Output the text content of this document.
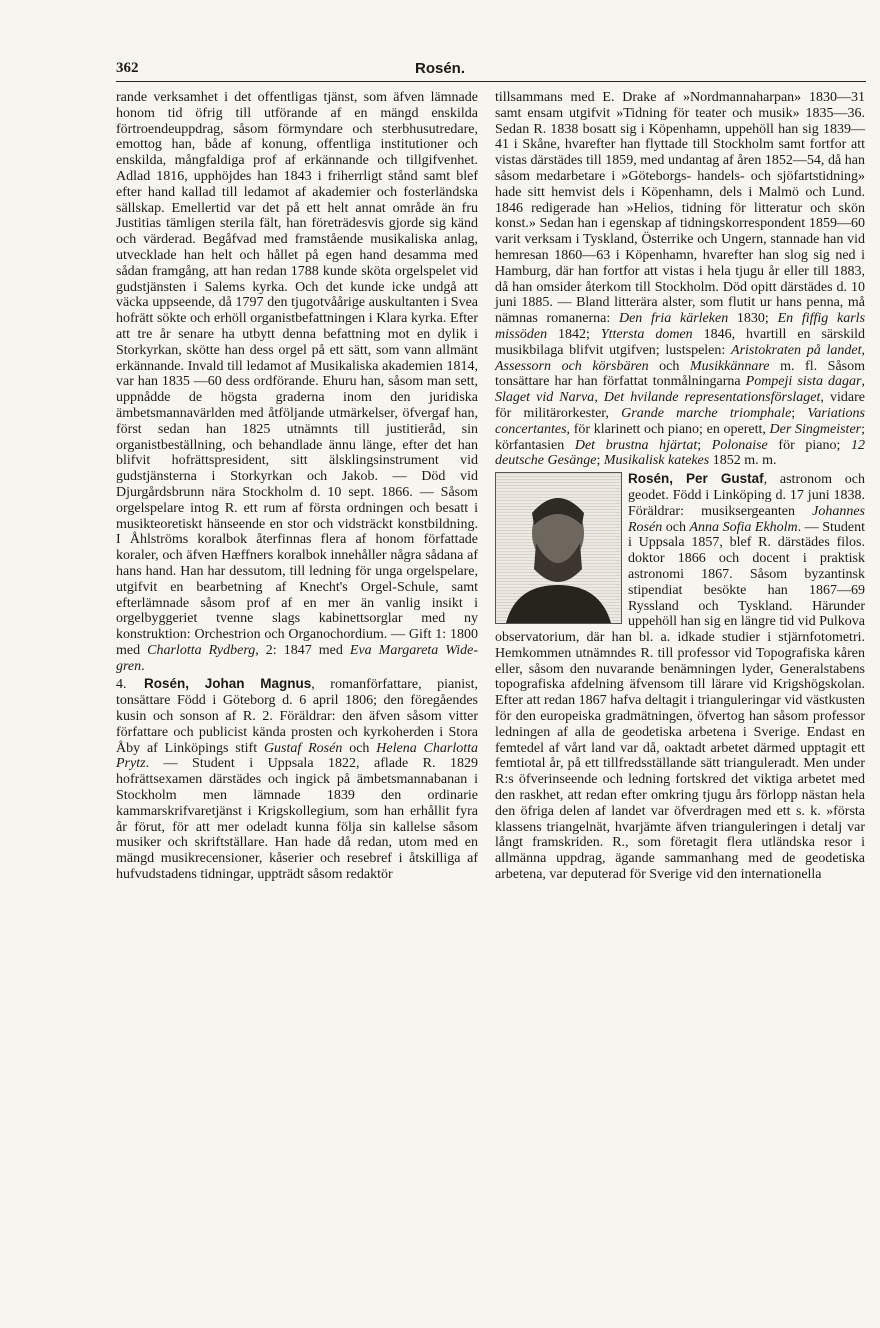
362	Rosén.

rande verksamhet i det offentligas tjänst, som äfven lämnade honom tid öfrig till utförande af en mängd enskilda förtroendeuppdrag, såsom förmyndare och sterbhusutredare, emottog han, både af konung, offentliga institutioner och enskilda, mångfaldiga prof af erkännande och tillgifvenhet. Adlad 1816, upphöjdes han 1843 i friherrligt stånd samt blef efter hand kallad till ledamot af akademier och fosterländska sällskap. Emellertid var det på ett helt annat område än fru Justitias tämligen sterila fält, han företrädesvis gjorde sig känd och värderad. Begåfvad med framstående musikaliska anlag, utvecklade han helt och hållet på egen hand desamma med sådan framgång, att han redan 1788 kunde sköta orgelspelet vid gudstjänsten i Salems kyrka. Och det kunde icke undgå att väcka uppseende, då 1797 den tjugotvåårige auskultanten i Svea hofrätt sökte och erhöll organistbefattningen i Klara kyrka. Efter att tre år senare ha utbytt denna befattning mot en dylik i Storkyrkan, skötte han dess orgel på ett sätt, som vann allmänt erkännande. Invald till ledamot af Musikaliska akademien 1814, var han 1835 —60 dess ordförande. Ehuru han, såsom man sett, uppnådde de högsta graderna inom den juridiska ämbetsmannavärlden med åtföljande utmärkelser, öfvergaf han, först sedan han 1825 utnämnts till justitieråd, sin organistbeställning, och behandlade ännu länge, efter det han blifvit hofrättspresident, sitt älsklingsinstrument vid gudstjänsterna i Storkyrkan och Jakob. — Död vid Djurgårdsbrunn nära Stockholm d. 10 sept. 1866. — Såsom orgelspelare intog R. ett rum af första ordningen och besatt i musikteoretiskt hänseende en stor och vidsträckt konstbildning. I Åhlströms koralbok återfinnas flera af honom författade koraler, och äfven Hæffners koralbok innehåller några sådana af hans hand. Han har dessutom, till ledning för unga orgelspelare, utgifvit en bearbetning af Knecht's Orgel-Schule, samt efterlämnade såsom prof af en mer än vanlig insikt i orgelbyggeriet tvenne slags kabinettsorglar med ny konstruktion: Orchestrion och Organochordium. — Gift 1: 1800 med Charlotta Rydberg, 2: 1847 med Eva Margareta Wide-gren.

4. Rosén, Johan Magnus, romanförfattare, pianist, tonsättare Född i Göteborg d. 6 april 1806; den föregåendes kusin och sonson af R. 2. Föräldrar: den äfven såsom vitter författare och publicist kända prosten och kyrkoherden i Stora Åby af Linköpings stift Gustaf Rosén och Helena Charlotta Prytz. — Student i Uppsala 1822, aflade R. 1829 hofrättsexamen därstädes och ingick på ämbetsmannabanan i Stockholm men lämnade 1839 den ordinarie kammarskrifvaretjänst i Krigskollegium, som han erhållit fyra år förut, för att mer odeladt kunna följa sin kallelse såsom musiker och skriftställare. Han hade då redan, utom med en mängd musikrecensioner, kåserier och resebref i åtskilliga af hufvudstadens tidningar, uppträdt såsom redaktör

tillsammans med E. Drake af »Nordmannaharpan» 1830—31 samt ensam utgifvit »Tidning för teater och musik» 1835—36. Sedan R. 1838 bosatt sig i Köpenhamn, uppehöll han sig 1839—41 i Skåne, hvarefter han flyttade till Stockholm samt fortfor att vistas därstädes till 1859, med undantag af åren 1852—54, då han såsom medarbetare i »Göteborgs- handels- och sjöfartstidning» hade sitt hemvist dels i Köpenhamn, dels i Malmö och Lund. 1846 redigerade han »Helios, tidning för litteratur och skön konst.» Sedan han i egenskap af tidningskorrespondent 1859—60 varit verksam i Tyskland, Österrike och Ungern, stannade han vid hemresan 1860—63 i Köpenhamn, hvarefter han slog sig ned i Hamburg, där han fortfor att vistas i hela tjugu år eller till 1883, då han omsider återkom till Stockholm. Död opitt därstädes d. 10 juni 1885. — Bland litterära alster, som flutit ur hans penna, må nämnas romanerna: Den fria kärleken 1830; En fiffig karls missöden 1842; Yttersta domen 1846, hvartill en särskild musikbilaga blifvit utgifven; lustspelen: Aristokraten på landet, Assessorn och körsbären och Musikkännare m. fl. Såsom tonsättare har han författat tonmålningarna Pompeji sista dagar, Slaget vid Narva, Det hvilande representationsförslaget, vidare för militärorkester, Grande marche triomphale; Variations concertantes, för klarinett och piano; en operett, Der Singmeister; körfantasien Det brustna hjärtat; Polonaise för piano; 12 deutsche Gesänge; Musikalisk katekes 1852 m. m.

Rosén, Per Gustaf, astronom och geodet. Född i Linköping d. 17 juni 1838. Föräldrar: musiksergeanten Johannes Rosén och Anna Sofia Ekholm. — Student i Uppsala 1857, blef R. därstädes filos. doktor 1866 och docent i praktisk astronomi 1867. Såsom byzantinsk stipendiat besökte han 1867—69 Ryssland och Tyskland. Härunder uppehöll han sig en längre tid vid Pulkova observatorium, där han bl. a. idkade studier i stjärnfotometri. Hemkommen utnämndes R. till professor vid Topografiska kåren eller, såsom den nuvarande benämningen lyder, Generalstabens topografiska afdelning äfvensom till lärare vid Krigshögskolan. Efter att redan 1867 hafva deltagit i trianguleringar vid västkusten för den europeiska gradmätningen, öfvertog han såsom professor ledningen af alla de geodetiska arbetena i Sverige. Endast en femtedel af vårt land var då, oaktadt arbetet därmed upptagit ett femtiotal år, på ett tillfredsställande sätt trianguleradt. Men under R:s öfverinseende och ledning fortskred det viktiga arbetet med den raskhet, att redan efter omkring tjugu års förlopp nästan hela den öfriga delen af landet var öfverdragen med ett s. k. »första klassens triangelnät, hvarjämte äfven trianguleringen i detalj var långt framskriden. R., som företagit flera utländska resor i allmänna uppdrag, ägande sammanhang med de geodetiska arbetena, var deputerad för Sverige vid den internationella
